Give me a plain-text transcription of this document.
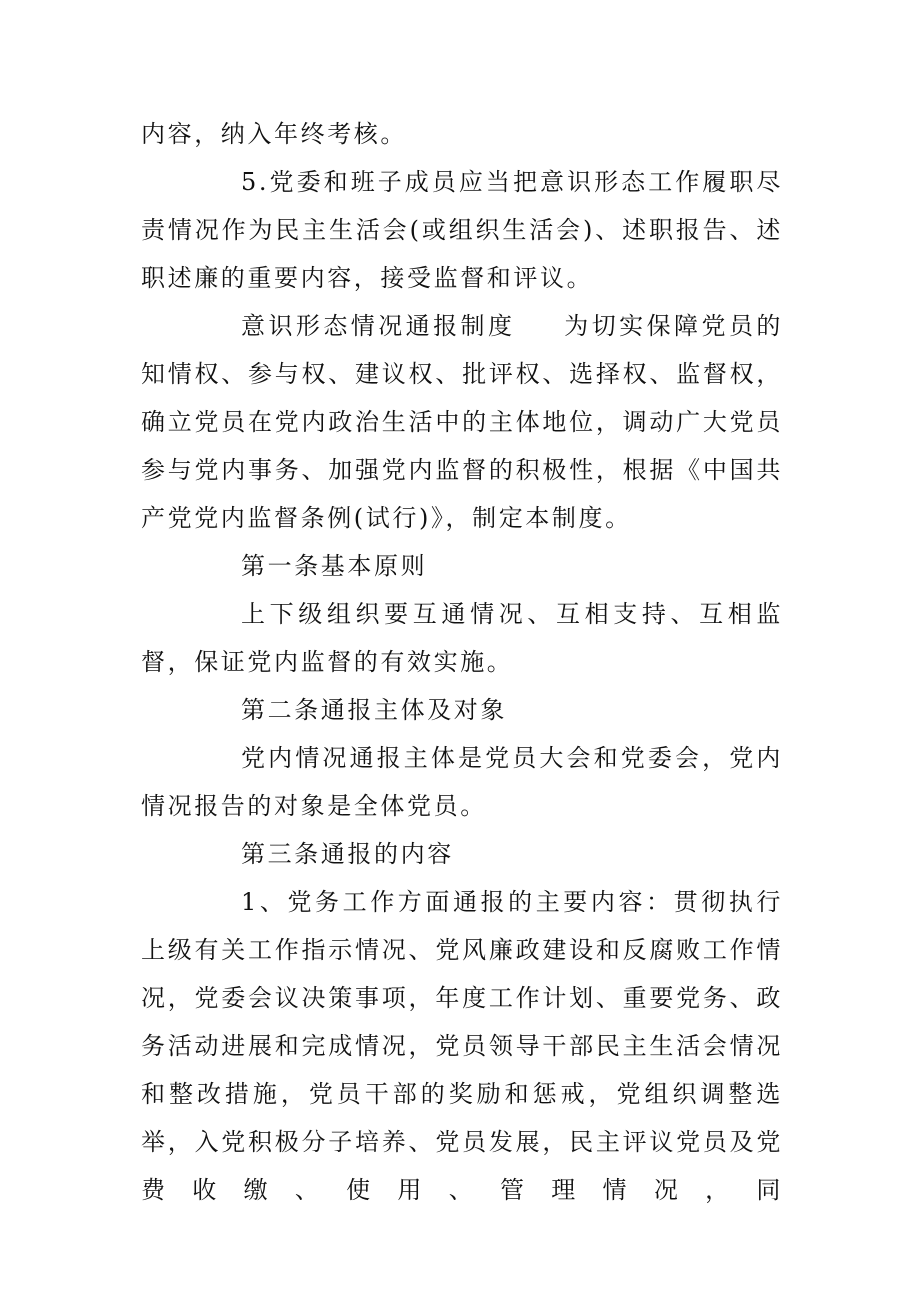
内容，纳入年终考核。

5.党委和班子成员应当把意识形态工作履职尽责情况作为民主生活会(或组织生活会)、述职报告、述职述廉的重要内容，接受监督和评议。

意识形态情况通报制度 为切实保障党员的知情权、参与权、建议权、批评权、选择权、监督权，确立党员在党内政治生活中的主体地位，调动广大党员参与党内事务、加强党内监督的积极性，根据《中国共产党党内监督条例(试行)》，制定本制度。

第一条基本原则

上下级组织要互通情况、互相支持、互相监督，保证党内监督的有效实施。

第二条通报主体及对象

党内情况通报主体是党员大会和党委会，党内情况报告的对象是全体党员。

第三条通报的内容

1、党务工作方面通报的主要内容：贯彻执行上级有关工作指示情况、党风廉政建设和反腐败工作情况，党委会议决策事项，年度工作计划、重要党务、政务活动进展和完成情况，党员领导干部民主生活会情况和整改措施，党员干部的奖励和惩戒，党组织调整选举，入党积极分子培养、党员发展，民主评议党员及党费收缴、使用、管理情况，同
